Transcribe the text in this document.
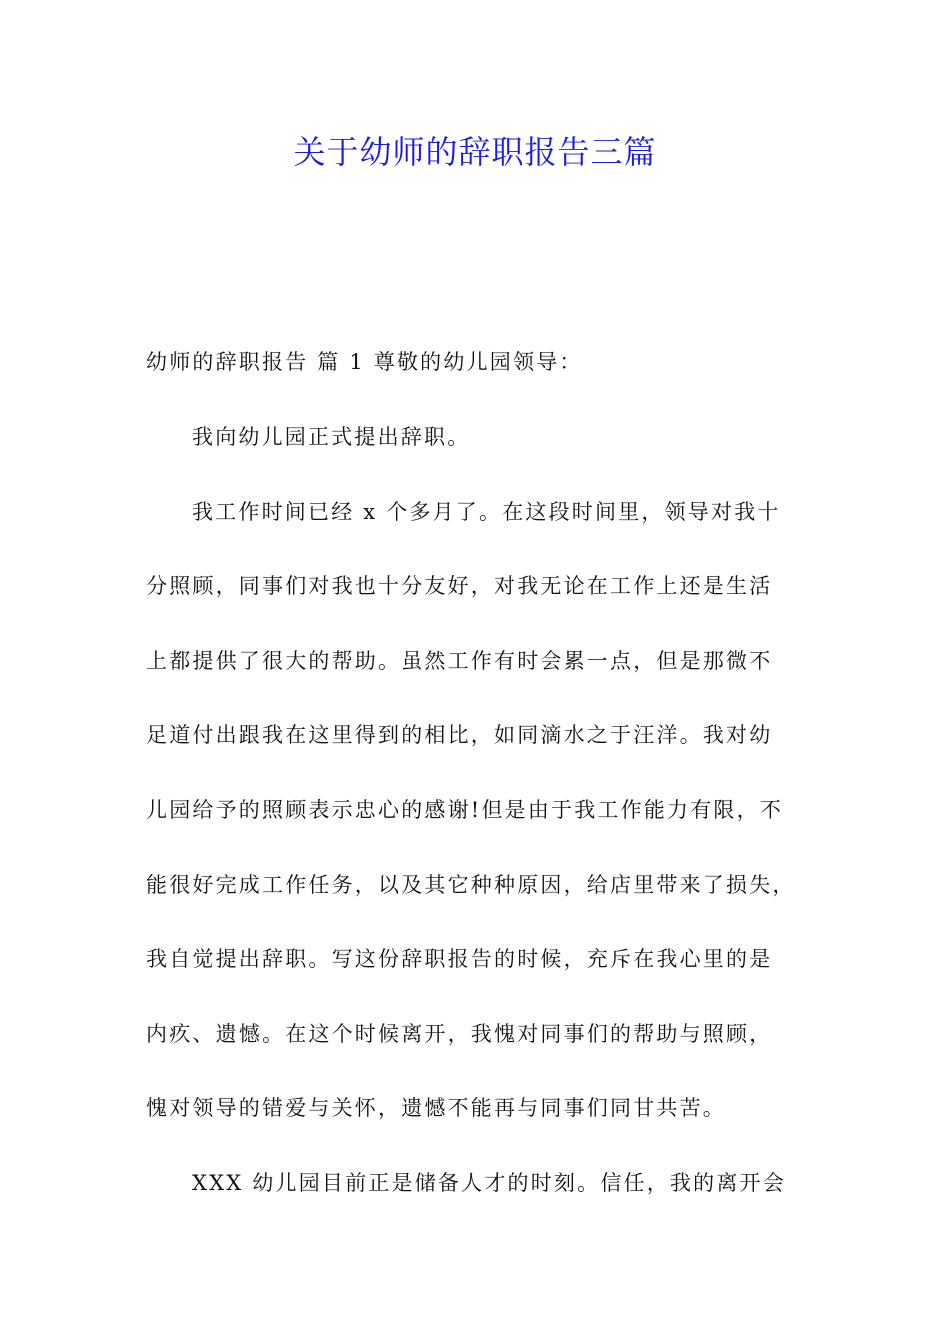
关于幼师的辞职报告三篇
幼师的辞职报告 篇 1 尊敬的幼儿园领导：
我向幼儿园正式提出辞职。
我工作时间已经 x 个多月了。在这段时间里，领导对我十
分照顾，同事们对我也十分友好，对我无论在工作上还是生活
上都提供了很大的帮助。虽然工作有时会累一点，但是那微不
足道付出跟我在这里得到的相比，如同滴水之于汪洋。我对幼
儿园给予的照顾表示忠心的感谢!但是由于我工作能力有限，不
能很好完成工作任务，以及其它种种原因，给店里带来了损失，
我自觉提出辞职。写这份辞职报告的时候，充斥在我心里的是
内疚、遗憾。在这个时候离开，我愧对同事们的帮助与照顾，
愧对领导的错爱与关怀，遗憾不能再与同事们同甘共苦。
XXX 幼儿园目前正是储备人才的时刻。信任，我的离开会
